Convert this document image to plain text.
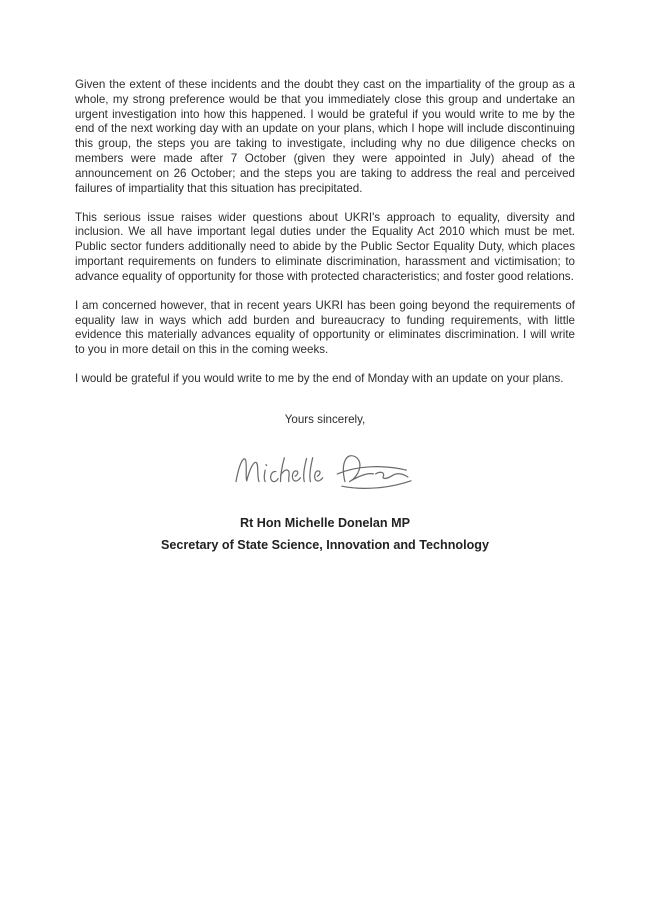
Given the extent of these incidents and the doubt they cast on the impartiality of the group as a whole, my strong preference would be that you immediately close this group and undertake an urgent investigation into how this happened. I would be grateful if you would write to me by the end of the next working day with an update on your plans, which I hope will include discontinuing this group, the steps you are taking to investigate, including why no due diligence checks on members were made after 7 October (given they were appointed in July) ahead of the announcement on 26 October; and the steps you are taking to address the real and perceived failures of impartiality that this situation has precipitated.

This serious issue raises wider questions about UKRI's approach to equality, diversity and inclusion. We all have important legal duties under the Equality Act 2010 which must be met. Public sector funders additionally need to abide by the Public Sector Equality Duty, which places important requirements on funders to eliminate discrimination, harassment and victimisation; to advance equality of opportunity for those with protected characteristics; and foster good relations.

I am concerned however, that in recent years UKRI has been going beyond the requirements of equality law in ways which add burden and bureaucracy to funding requirements, with little evidence this materially advances equality of opportunity or eliminates discrimination. I will write to you in more detail on this in the coming weeks.

I would be grateful if you would write to me by the end of Monday with an update on your plans.

Yours sincerely,

Rt Hon Michelle Donelan MP

Secretary of State Science, Innovation and Technology
